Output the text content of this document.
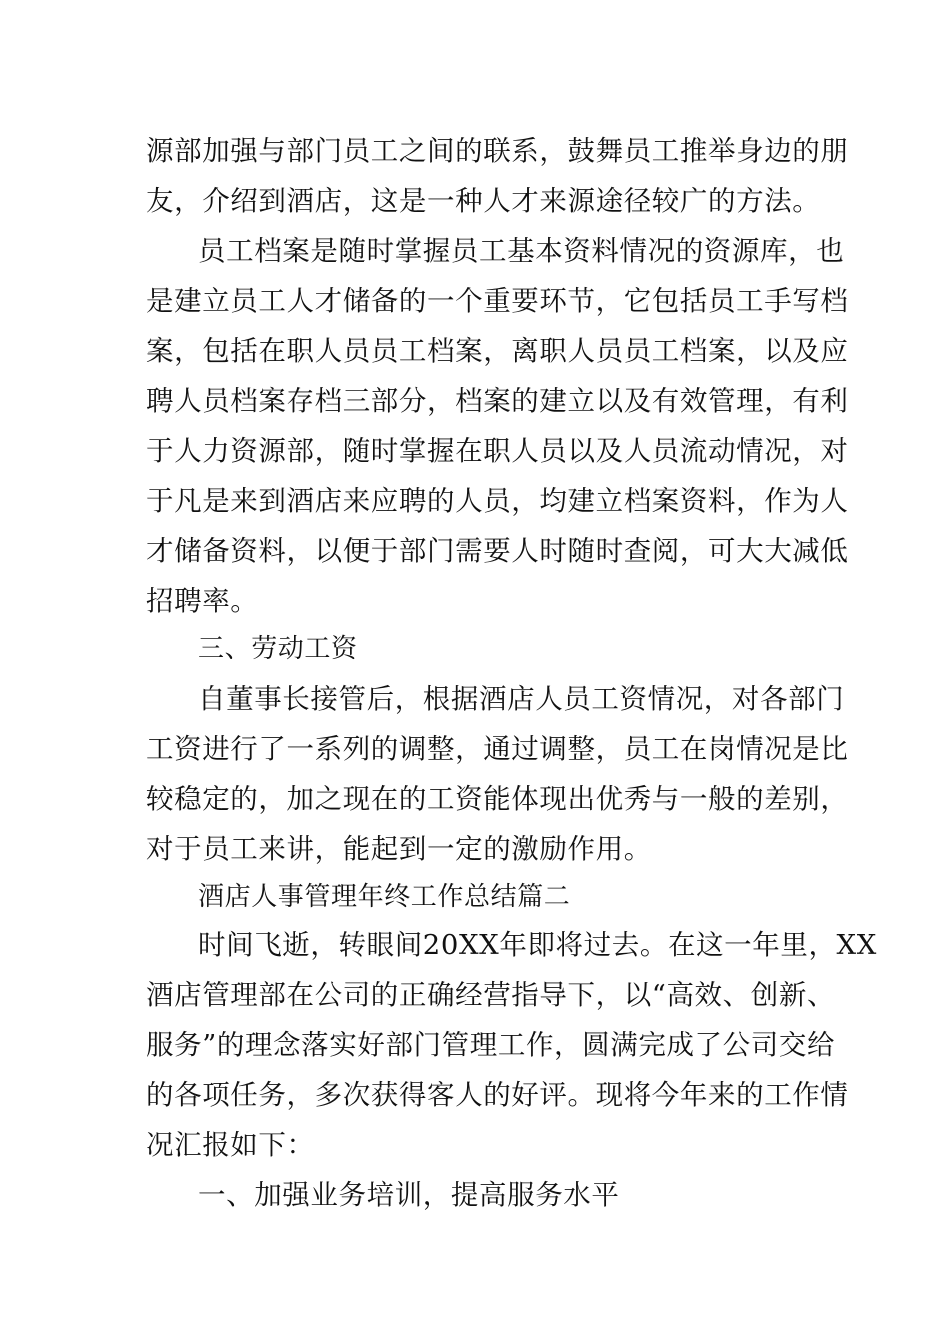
源部加强与部门员工之间的联系，鼓舞员工推举身边的朋
友，介绍到酒店，这是一种人才来源途径较广的方法。
员工档案是随时掌握员工基本资料情况的资源库，也
是建立员工人才储备的一个重要环节，它包括员工手写档
案，包括在职人员员工档案，离职人员员工档案，以及应
聘人员档案存档三部分，档案的建立以及有效管理，有利
于人力资源部，随时掌握在职人员以及人员流动情况，对
于凡是来到酒店来应聘的人员，均建立档案资料，作为人
才储备资料，以便于部门需要人时随时查阅，可大大减低
招聘率。
三、劳动工资
自董事长接管后，根据酒店人员工资情况，对各部门
工资进行了一系列的调整，通过调整，员工在岗情况是比
较稳定的，加之现在的工资能体现出优秀与一般的差别，
对于员工来讲，能起到一定的激励作用。
酒店人事管理年终工作总结篇二
时间飞逝，转眼间20XX年即将过去。在这一年里，XX
酒店管理部在公司的正确经营指导下，以“高效、创新、
服务”的理念落实好部门管理工作，圆满完成了公司交给
的各项任务，多次获得客人的好评。现将今年来的工作情
况汇报如下：
一、加强业务培训，提高服务水平
